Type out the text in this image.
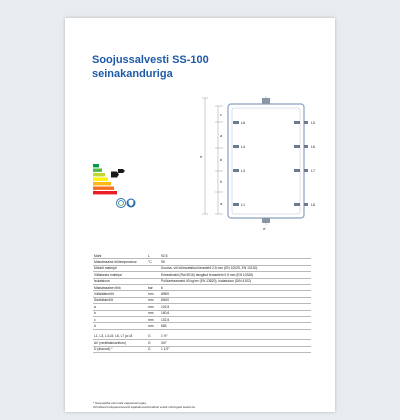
Soojussalvesti SS-100
seinakanduriga
c
a
b
h
a
e
d
L6
L4
L3
L1
L5
L6
L7
L8
Maht	L	92,5
Maksimaalne töötemperatuur	°C	95
Mahuti materjal		Kuuma- või külmvaltsitud terasleht 2,5 mm (EN 10025, EN 10130)
Väliskesta materjal		Eeseatluskil (Ral 9016) tsingitud teraseleht 0,5 mm (EN 10326)
Isolatsioon		Polüuretaanvaht 40 kg/m³ (EN 13820), isolatsioon (DIN 4102)
Maksimaalne rõhk	bar	6
Välisläbimõõt	mm	Ø500
Siseläbimõõt	mm	Ø400
a	mm	102,5
b	mm	160,6
c	mm	102,5
d	mm	683

L1, L3, L4,L5, L6, L7 ja L8	G	1 ½"
AV (ventilatsioonitoru)	G	3/4"
D (äravool) *	G	1 1/2"
* Soojuskilba eiturmalk eagasteerorgiaa.
Tehnilised tooteparameetrid kajataltsusvõimalikud eraldi mõningaid teatist ka.
